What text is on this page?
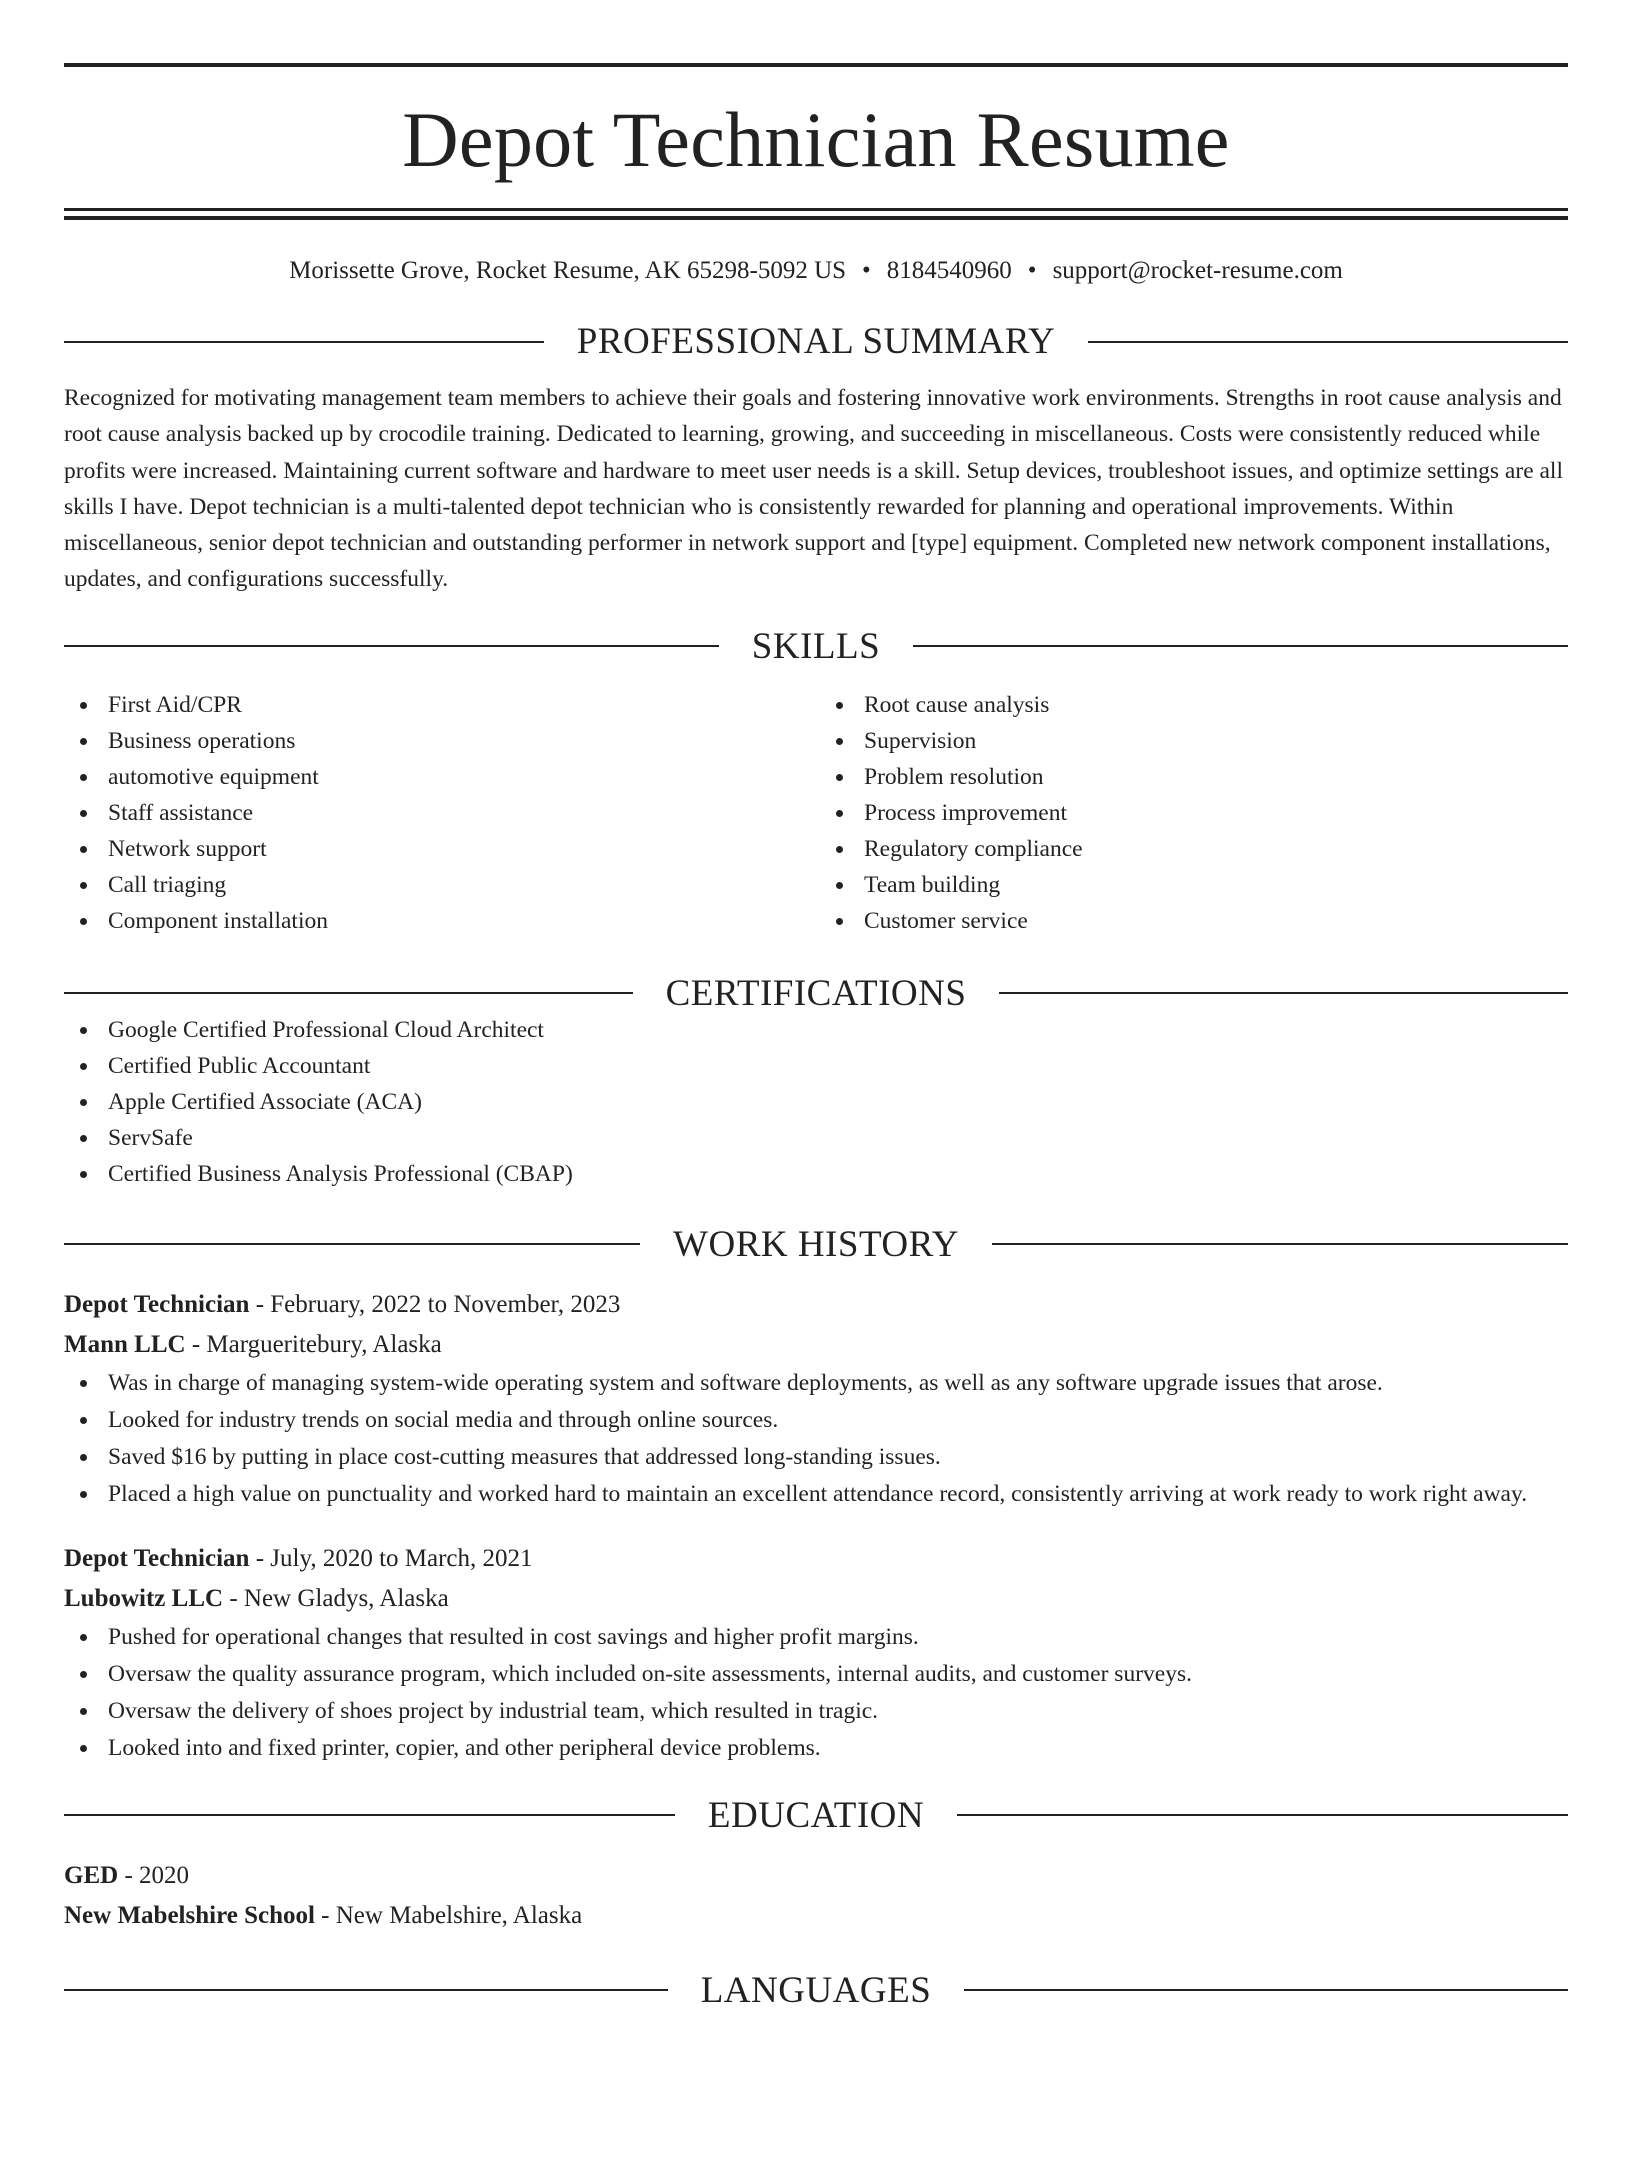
Depot Technician Resume
Morissette Grove, Rocket Resume, AK 65298-5092 US • 8184540960 • support@rocket-resume.com
PROFESSIONAL SUMMARY

Recognized for motivating management team members to achieve their goals and fostering innovative work environments. Strengths in root cause analysis and root cause analysis backed up by crocodile training. Dedicated to learning, growing, and succeeding in miscellaneous. Costs were consistently reduced while profits were increased. Maintaining current software and hardware to meet user needs is a skill. Setup devices, troubleshoot issues, and optimize settings are all skills I have. Depot technician is a multi-talented depot technician who is consistently rewarded for planning and operational improvements. Within miscellaneous, senior depot technician and outstanding performer in network support and [type] equipment. Completed new network component installations, updates, and configurations successfully.

SKILLS
First Aid/CPR
Business operations
automotive equipment
Staff assistance
Network support
Call triaging
Component installation
Root cause analysis
Supervision
Problem resolution
Process improvement
Regulatory compliance
Team building
Customer service
CERTIFICATIONS
Google Certified Professional Cloud Architect
Certified Public Accountant
Apple Certified Associate (ACA)
ServSafe
Certified Business Analysis Professional (CBAP)
WORK HISTORY
Depot Technician - February, 2022 to November, 2023
Mann LLC - Margueritebury, Alaska
Was in charge of managing system-wide operating system and software deployments, as well as any software upgrade issues that arose.
Looked for industry trends on social media and through online sources.
Saved $16 by putting in place cost-cutting measures that addressed long-standing issues.
Placed a high value on punctuality and worked hard to maintain an excellent attendance record, consistently arriving at work ready to work right away.
Depot Technician - July, 2020 to March, 2021
Lubowitz LLC - New Gladys, Alaska
Pushed for operational changes that resulted in cost savings and higher profit margins.
Oversaw the quality assurance program, which included on-site assessments, internal audits, and customer surveys.
Oversaw the delivery of shoes project by industrial team, which resulted in tragic.
Looked into and fixed printer, copier, and other peripheral device problems.
EDUCATION
GED - 2020
New Mabelshire School - New Mabelshire, Alaska
LANGUAGES
